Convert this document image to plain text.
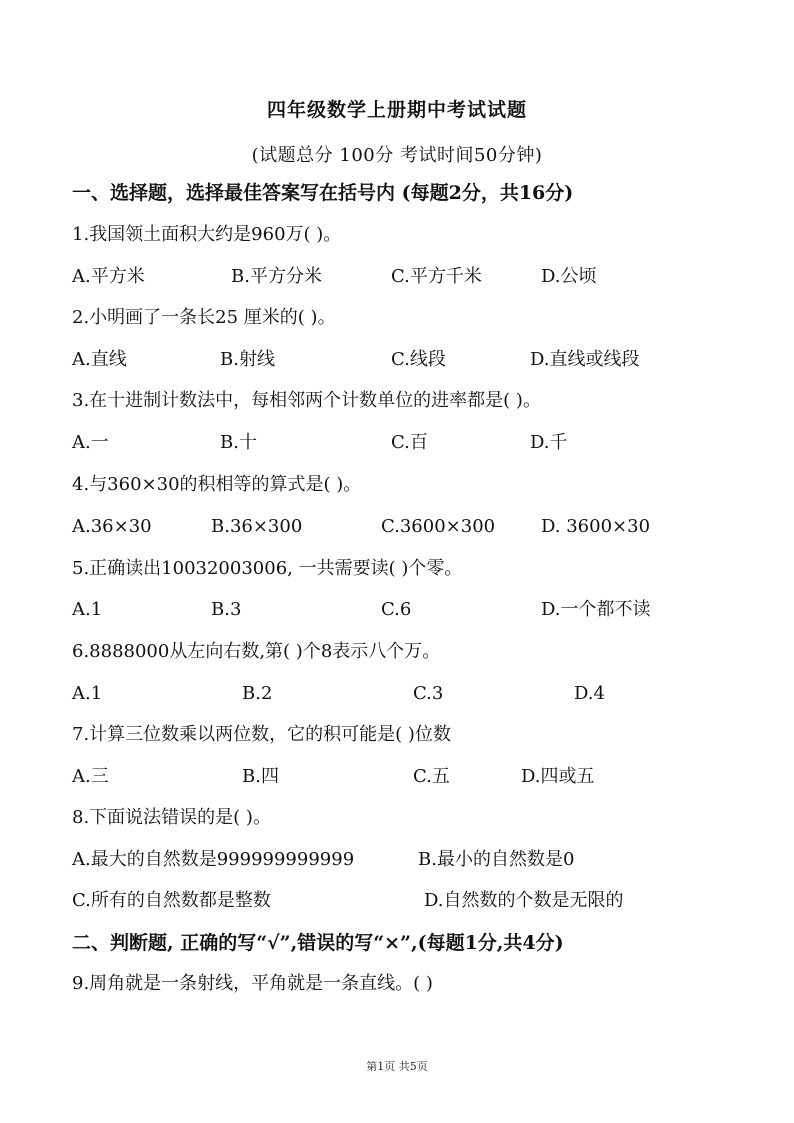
四年级数学上册期中考试试题
(试题总分 100分 考试时间50分钟)
一、选择题，选择最佳答案写在括号内 (每题2分，共16分)
1.我国领土面积大约是960万( )。
A.平方米	B.平方分米	C.平方千米	D.公顷
2.小明画了一条长25 厘米的( )。
A.直线	B.射线	C.线段	D.直线或线段
3.在十进制计数法中，每相邻两个计数单位的进率都是( )。
A.一	B.十	C.百	D.千
4.与360×30的积相等的算式是( )。
A.36×30	B.36×300	C.3600×300	D. 3600×30
5.正确读出10032003006, 一共需要读( )个零。
A.1	B.3	C.6	D.一个都不读
6.8888000从左向右数,第( )个8表示八个万。
A.1	B.2	C.3	D.4
7.计算三位数乘以两位数，它的积可能是( )位数
A.三	B.四	C.五	D.四或五
8.下面说法错误的是( )。
A.最大的自然数是999999999999	B.最小的自然数是0
C.所有的自然数都是整数	D.自然数的个数是无限的
二、判断题, 正确的写“√”,错误的写“×”,(每题1分,共4分)
9.周角就是一条射线，平角就是一条直线。( )
第1页 共5页
